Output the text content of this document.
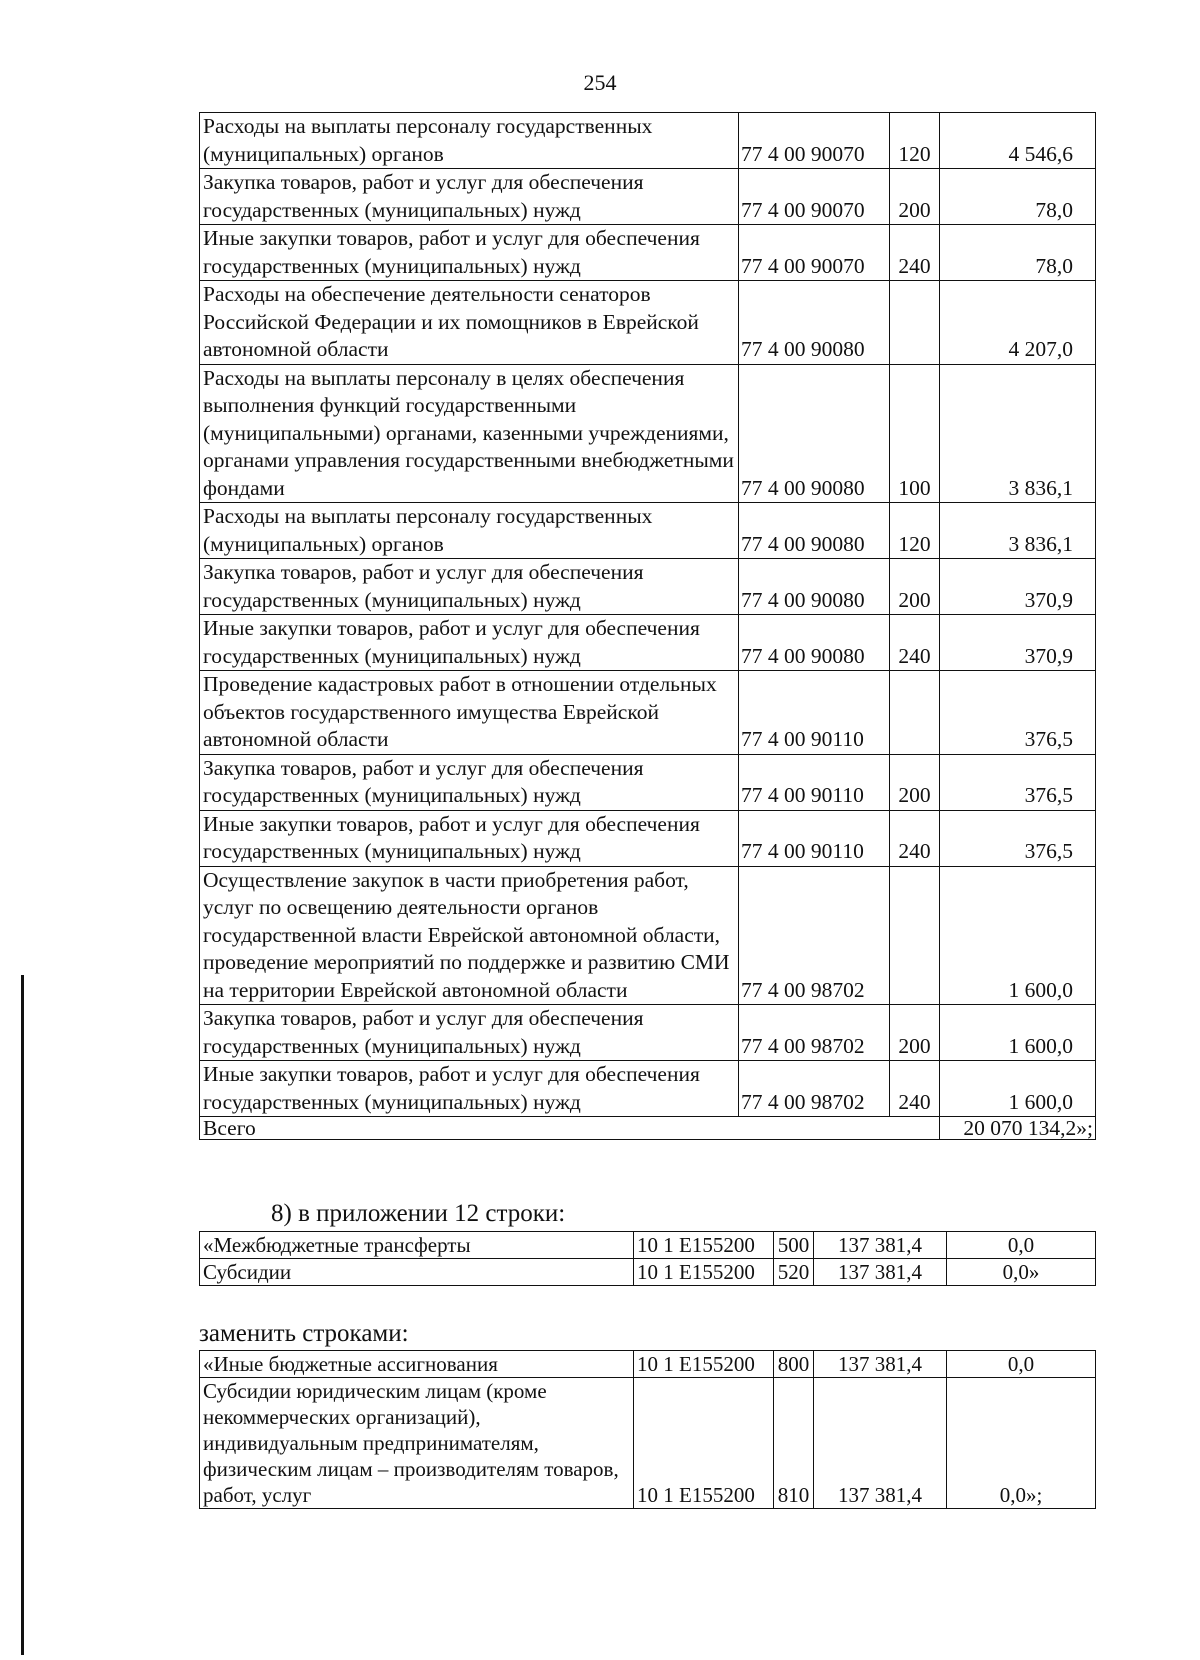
254
Расходы на выплаты персоналу государственных (муниципальных) органов	77 4 00 90070	120	4 546,6
Закупка товаров, работ и услуг для обеспечения государственных (муниципальных) нужд	77 4 00 90070	200	78,0
Иные закупки товаров, работ и услуг для обеспечения государственных (муниципальных) нужд	77 4 00 90070	240	78,0
Расходы на обеспечение деятельности сенаторов Российской Федерации и их помощников в Еврейской автономной области	77 4 00 90080		4 207,0
Расходы на выплаты персоналу в целях обеспечения выполнения функций государственными (муниципальными) органами, казенными учреждениями, органами управления государственными внебюджетными фондами	77 4 00 90080	100	3 836,1
Расходы на выплаты персоналу государственных (муниципальных) органов	77 4 00 90080	120	3 836,1
Закупка товаров, работ и услуг для обеспечения государственных (муниципальных) нужд	77 4 00 90080	200	370,9
Иные закупки товаров, работ и услуг для обеспечения государственных (муниципальных) нужд	77 4 00 90080	240	370,9
Проведение кадастровых работ в отношении отдельных объектов государственного имущества Еврейской автономной области	77 4 00 90110		376,5
Закупка товаров, работ и услуг для обеспечения государственных (муниципальных) нужд	77 4 00 90110	200	376,5
Иные закупки товаров, работ и услуг для обеспечения государственных (муниципальных) нужд	77 4 00 90110	240	376,5
Осуществление закупок в части приобретения работ, услуг по освещению деятельности органов государственной власти Еврейской автономной области, проведение мероприятий по поддержке и развитию СМИ на территории Еврейской автономной области	77 4 00 98702		1 600,0
Закупка товаров, работ и услуг для обеспечения государственных (муниципальных) нужд	77 4 00 98702	200	1 600,0
Иные закупки товаров, работ и услуг для обеспечения государственных (муниципальных) нужд	77 4 00 98702	240	1 600,0
Всего			20 070 134,2»;
8) в приложении 12 строки:
«Межбюджетные трансферты	10 1 Е155200	500	137 381,4	0,0
Субсидии	10 1 Е155200	520	137 381,4	0,0»
заменить строками:
«Иные бюджетные ассигнования	10 1 Е155200	800	137 381,4	0,0
Субсидии юридическим лицам (кроме некоммерческих организаций), индивидуальным предпринимателям, физическим лицам – производителям товаров, работ, услуг	10 1 Е155200	810	137 381,4	0,0»;
